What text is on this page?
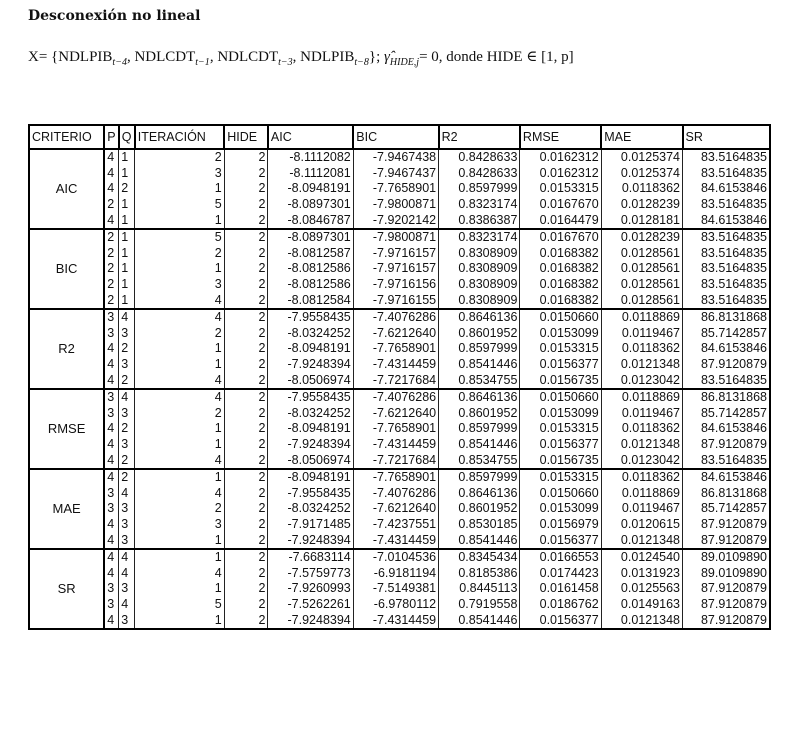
Desconexión no lineal
$X= \{NDLPIB_{t-4}$, $NDLCDT_{t-1}$, $NDLCDT_{t-3}$, $NDLPIB_{t-8}$}; $\gammâ_{HIDE,j}= 0$, donde HIDE ∈ [1, p]
CRITERIO	P	Q	ITERACIÓN	HIDE	AIC	BIC	R2	RMSE	MAE	SR
AIC	4	1	2	2	-8.1112082	-7.9467438	0.8428633	0.0162312	0.0125374	83.5164835
	4	1	3	2	-8.1112081	-7.9467437	0.8428633	0.0162312	0.0125374	83.5164835
	4	2	1	2	-8.0948191	-7.7658901	0.8597999	0.0153315	0.0118362	84.6153846
	2	1	5	2	-8.0897301	-7.9800871	0.8323174	0.0167670	0.0128239	83.5164835
	4	1	1	2	-8.0846787	-7.9202142	0.8386387	0.0164479	0.0128181	84.6153846
BIC	2	1	5	2	-8.0897301	-7.9800871	0.8323174	0.0167670	0.0128239	83.5164835
	2	1	2	2	-8.0812587	-7.9716157	0.8308909	0.0168382	0.0128561	83.5164835
	2	1	1	2	-8.0812586	-7.9716157	0.8308909	0.0168382	0.0128561	83.5164835
	2	1	3	2	-8.0812586	-7.9716156	0.8308909	0.0168382	0.0128561	83.5164835
	2	1	4	2	-8.0812584	-7.9716155	0.8308909	0.0168382	0.0128561	83.5164835
R2	3	4	4	2	-7.9558435	-7.4076286	0.8646136	0.0150660	0.0118869	86.8131868
	3	3	2	2	-8.0324252	-7.6212640	0.8601952	0.0153099	0.0119467	85.7142857
	4	2	1	2	-8.0948191	-7.7658901	0.8597999	0.0153315	0.0118362	84.6153846
	4	3	1	2	-7.9248394	-7.4314459	0.8541446	0.0156377	0.0121348	87.9120879
	4	2	4	2	-8.0506974	-7.7217684	0.8534755	0.0156735	0.0123042	83.5164835
RMSE	3	4	4	2	-7.9558435	-7.4076286	0.8646136	0.0150660	0.0118869	86.8131868
	3	3	2	2	-8.0324252	-7.6212640	0.8601952	0.0153099	0.0119467	85.7142857
	4	2	1	2	-8.0948191	-7.7658901	0.8597999	0.0153315	0.0118362	84.6153846
	4	3	1	2	-7.9248394	-7.4314459	0.8541446	0.0156377	0.0121348	87.9120879
	4	2	4	2	-8.0506974	-7.7217684	0.8534755	0.0156735	0.0123042	83.5164835
MAE	4	2	1	2	-8.0948191	-7.7658901	0.8597999	0.0153315	0.0118362	84.6153846
	3	4	4	2	-7.9558435	-7.4076286	0.8646136	0.0150660	0.0118869	86.8131868
	3	3	2	2	-8.0324252	-7.6212640	0.8601952	0.0153099	0.0119467	85.7142857
	4	3	3	2	-7.9171485	-7.4237551	0.8530185	0.0156979	0.0120615	87.9120879
	4	3	1	2	-7.9248394	-7.4314459	0.8541446	0.0156377	0.0121348	87.9120879
SR	4	4	1	2	-7.6683114	-7.0104536	0.8345434	0.0166553	0.0124540	89.0109890
	4	4	4	2	-7.5759773	-6.9181194	0.8185386	0.0174423	0.0131923	89.0109890
	3	3	1	2	-7.9260993	-7.5149381	0.8445113	0.0161458	0.0125563	87.9120879
	3	4	5	2	-7.5262261	-6.9780112	0.7919558	0.0186762	0.0149163	87.9120879
	4	3	1	2	-7.9248394	-7.4314459	0.8541446	0.0156377	0.0121348	87.9120879
